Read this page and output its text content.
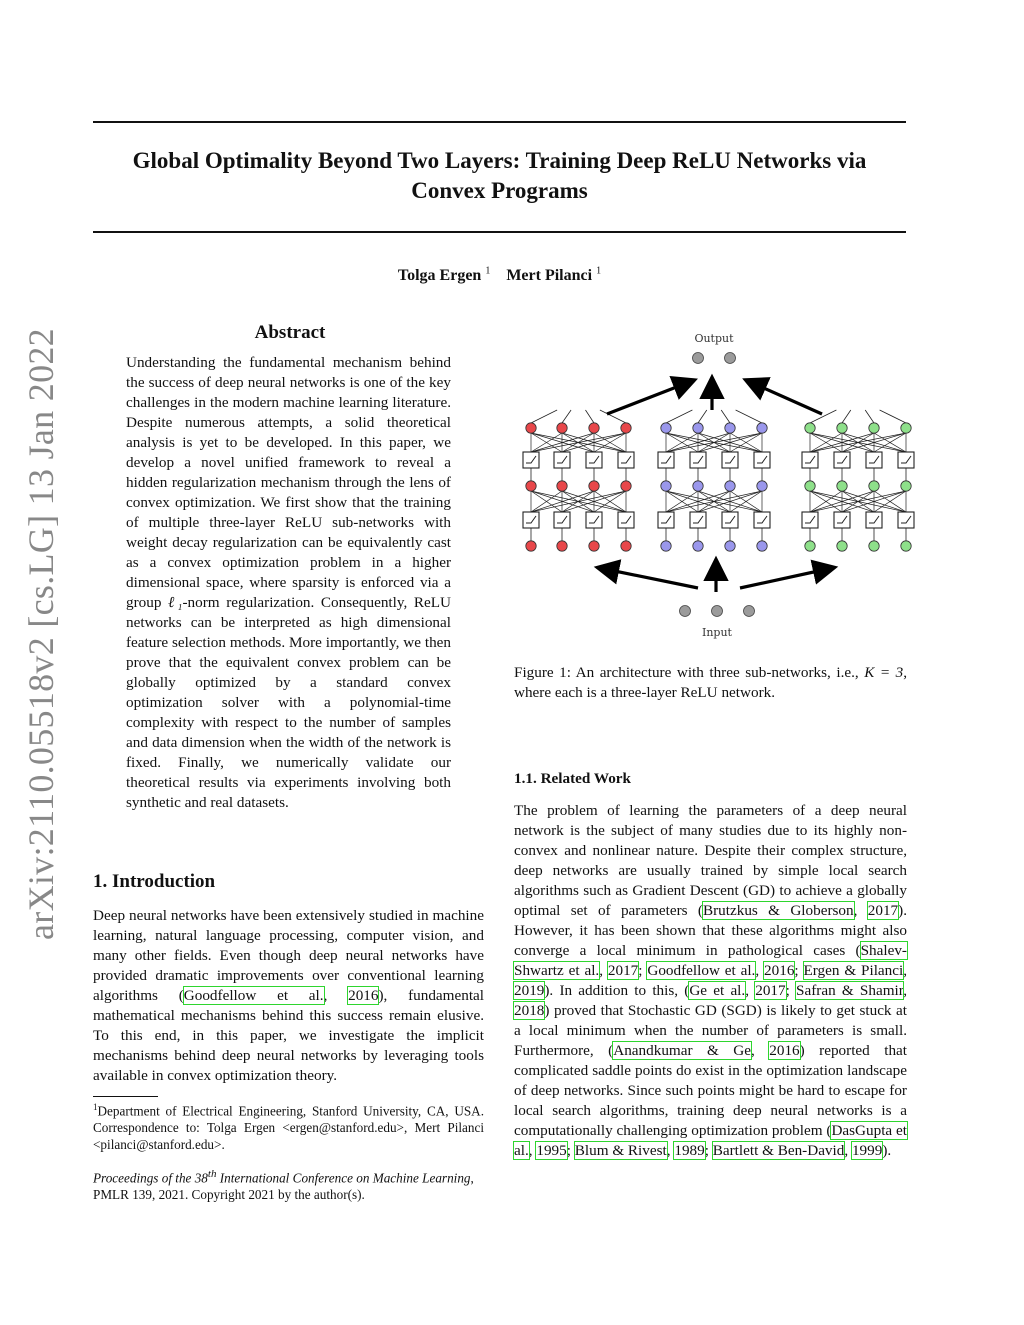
Global Optimality Beyond Two Layers: Training Deep ReLU Networks via
Convex Programs
Tolga Ergen $^1$ Mert Pilanci $^1$
arXiv:2110.05518v2 [cs.LG] 13 Jan 2022	Abstract

Understanding the fundamental mechanism behind the success of deep neural networks is one of the key challenges in the modern machine learning literature. Despite numerous attempts, a solid theoretical analysis is yet to be developed. In this paper, we develop a novel unified framework to reveal a hidden regularization mechanism through the lens of convex optimization. We first show that the training of multiple three-layer ReLU sub-networks with weight decay regularization can be equivalently cast as a convex optimization problem in a higher dimensional space, where sparsity is enforced via a group ℓ₁-norm regularization. Consequently, ReLU networks can be interpreted as high dimensional feature selection methods. More importantly, we then prove that the equivalent convex problem can be globally optimized by a standard convex optimization solver with a polynomial-time complexity with respect to the number of samples and data dimension when the width of the network is fixed. Finally, we numerically validate our theoretical results via experiments involving both synthetic and real datasets.

1. Introduction

Deep neural networks have been extensively studied in machine learning, natural language processing, computer vision, and many other fields. Even though deep neural networks have provided dramatic improvements over conventional learning algorithms (Goodfellow et al., 2016), fundamental mathematical mechanisms behind this success remain elusive. To this end, in this paper, we investigate the implicit mechanisms behind deep neural networks by leveraging tools available in convex optimization theory.

$^1$Department of Electrical Engineering, Stanford University, CA, USA. Correspondence to: Tolga Ergen <ergen@stanford.edu>, Mert Pilanci <pilanci@stanford.edu>.
Proceedings of the 38th International Conference on Machine Learning, PMLR 139, 2021. Copyright 2021 by the author(s).
Output
Input
Figure 1: An architecture with three sub-networks, i.e., K = 3, where each is a three-layer ReLU network.
1.1. Related Work

The problem of learning the parameters of a deep neural network is the subject of many studies due to its highly non-convex and nonlinear nature. Despite their complex structure, deep networks are usually trained by simple local search algorithms such as Gradient Descent (GD) to achieve a globally optimal set of parameters (Brutzkus & Globerson, 2017). However, it has been shown that these algorithms might also converge a local minimum in pathological cases (Shalev-Shwartz et al., 2017; Goodfellow et al., 2016; Ergen & Pilanci, 2019). In addition to this, (Ge et al., 2017; Safran & Shamir, 2018) proved that Stochastic GD (SGD) is likely to get stuck at a local minimum when the number of parameters is small. Furthermore, (Anandkumar & Ge, 2016) reported that complicated saddle points do exist in the optimization landscape of deep networks. Since such points might be hard to escape for local search algorithms, training deep neural networks is a computationally challenging optimization problem (DasGupta et al., 1995; Blum & Rivest, 1989; Bartlett & Ben-David, 1999).
